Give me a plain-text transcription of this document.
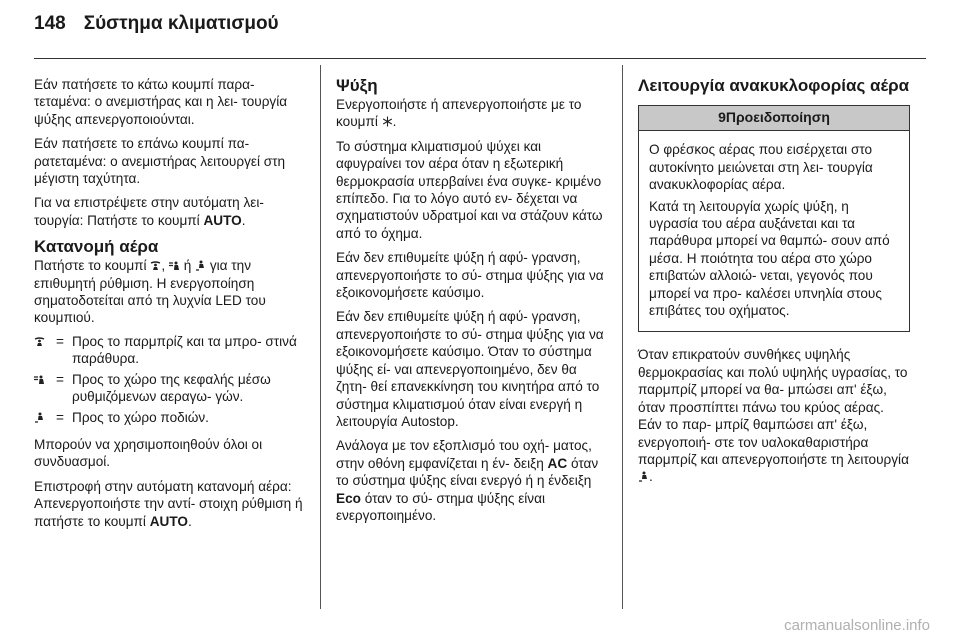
148 Σύστημα κλιματισμού

Εάν πατήσετε το κάτω κουμπί παρα- τεταμένα: ο ανεμιστήρας και η λει- τουργία ψύξης απενεργοποιούνται.

Εάν πατήσετε το επάνω κουμπί πα- ρατεταμένα: ο ανεμιστήρας λειτουργεί στη μέγιστη ταχύτητα.

Για να επιστρέψετε στην αυτόματη λει- τουργία: Πατήστε το κουμπί AUTO.

Κατανομή αέρα

Πατήστε το κουμπί
,
ή
για την επιθυμητή ρύθμιση. Η ενεργοποίηση σηματοδοτείται από τη λυχνία LED του κουμπιού.

= Προς το παρμπρίζ και τα μπρο- στινά παράθυρα.
= Προς το χώρο της κεφαλής μέσω ρυθμιζόμενων αεραγω- γών.
= Προς το χώρο ποδιών.

Μπορούν να χρησιμοποιηθούν όλοι οι συνδυασμοί.

Επιστροφή στην αυτόματη κατανομή αέρα: Απενεργοποιήστε την αντί- στοιχη ρύθμιση ή πατήστε το κουμπί AUTO.

Ψύξη

Ενεργοποιήστε ή απενεργοποιήστε με το κουμπί
.

Το σύστημα κλιματισμού ψύχει και αφυγραίνει τον αέρα όταν η εξωτερική θερμοκρασία υπερβαίνει ένα συγκε- κριμένο επίπεδο. Για το λόγο αυτό εν- δέχεται να σχηματιστούν υδρατμοί και να στάζουν κάτω από το όχημα.

Εάν δεν επιθυμείτε ψύξη ή αφύ- γρανση, απενεργοποιήστε το σύ- στημα ψύξης για να εξοικονομήσετε καύσιμο.

Εάν δεν επιθυμείτε ψύξη ή αφύ- γρανση, απενεργοποιήστε το σύ- στημα ψύξης για να εξοικονομήσετε καύσιμο. Όταν το σύστημα ψύξης εί- ναι απενεργοποιημένο, δεν θα ζητη- θεί επανεκκίνηση του κινητήρα από το σύστημα κλιματισμού όταν είναι ενεργή η λειτουργία Autostop.

Ανάλογα με τον εξοπλισμό του οχή- ματος, στην οθόνη εμφανίζεται η έν- δειξη AC όταν το σύστημα ψύξης είναι ενεργό ή η ένδειξη Eco όταν το σύ- στημα ψύξης είναι ενεργοποιημένο.

Λειτουργία ανακυκλοφορίας αέρα
9Προειδοποίηση

Ο φρέσκος αέρας που εισέρχεται στο αυτοκίνητο μειώνεται στη λει- τουργία ανακυκλοφορίας αέρα.

Κατά τη λειτουργία χωρίς ψύξη, η υγρασία του αέρα αυξάνεται και τα παράθυρα μπορεί να θαμπώ- σουν από μέσα. Η ποιότητα του αέρα στο χώρο επιβατών αλλοιώ- νεται, γεγονός που μπορεί να προ- καλέσει υπνηλία στους επιβάτες του οχήματος.

Όταν επικρατούν συνθήκες υψηλής θερμοκρασίας και πολύ υψηλής υγρασίας, το παρμπρίζ μπορεί να θα- μπώσει απ' έξω, όταν προσπίπτει πάνω του κρύος αέρας. Εάν το παρ- μπρίζ θαμπώσει απ' έξω, ενεργοποιή- στε τον υαλοκαθαριστήρα παρμπρίζ και απενεργοποιήστε τη λειτουργία
.

carmanualsonline.info
